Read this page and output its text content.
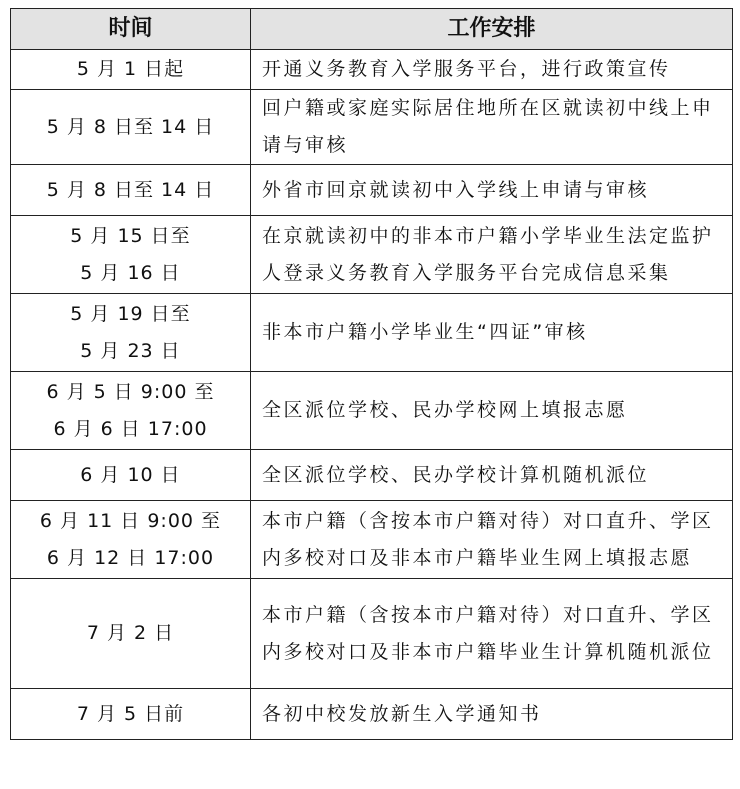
时间	工作安排

5 月 1 日起	开通义务教育入学服务平台，进行政策宣传

5 月 8 日至 14 日	回户籍或家庭实际居住地所在区就读初中线上申请与审核

5 月 8 日至 14 日	外省市回京就读初中入学线上申请与审核

5 月 15 日至
5 月 16 日	在京就读初中的非本市户籍小学毕业生法定监护人登录义务教育入学服务平台完成信息采集

5 月 19 日至
5 月 23 日	非本市户籍小学毕业生“四证”审核

6 月 5 日 9:00 至
6 月 6 日 17:00	全区派位学校、民办学校网上填报志愿

6 月 10 日	全区派位学校、民办学校计算机随机派位

6 月 11 日 9:00 至
6 月 12 日 17:00	本市户籍（含按本市户籍对待）对口直升、学区内多校对口及非本市户籍毕业生网上填报志愿

7 月 2 日	本市户籍（含按本市户籍对待）对口直升、学区内多校对口及非本市户籍毕业生计算机随机派位

7 月 5 日前	各初中校发放新生入学通知书
